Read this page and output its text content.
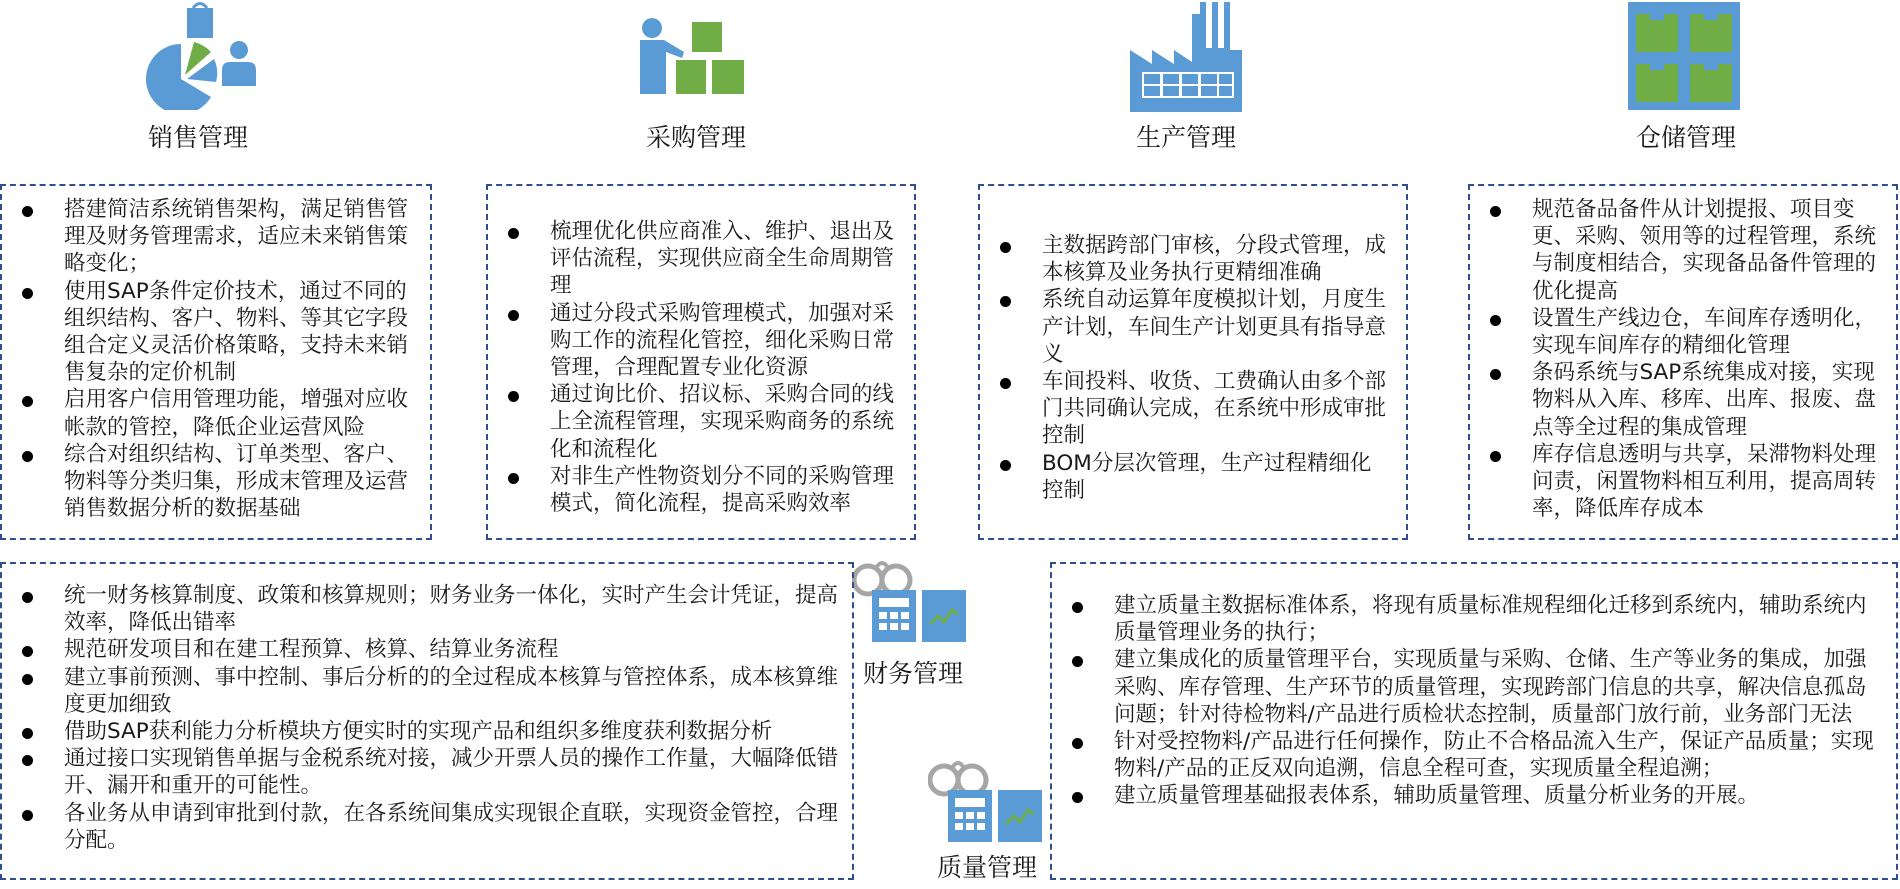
销售管理	采购管理	生产管理	仓储管理
财务管理
质量管理
搭建简洁系统销售架构，满足销售管理及财务管理需求，适应未来销售策略变化；
使用SAP条件定价技术，通过不同的组织结构、客户、物料、等其它字段组合定义灵活价格策略，支持未来销售复杂的定价机制
启用客户信用管理功能，增强对应收帐款的管控，降低企业运营风险
综合对组织结构、订单类型、客户、物料等分类归集，形成末管理及运营销售数据分析的数据基础
梳理优化供应商准入、维护、退出及评估流程，实现供应商全生命周期管理
通过分段式采购管理模式，加强对采购工作的流程化管控，细化采购日常管理，合理配置专业化资源
通过询比价、招议标、采购合同的线上全流程管理，实现采购商务的系统化和流程化
对非生产性物资划分不同的采购管理模式，简化流程，提高采购效率
主数据跨部门审核，分段式管理，成本核算及业务执行更精细准确
系统自动运算年度模拟计划，月度生产计划，车间生产计划更具有指导意义
车间投料、收货、工费确认由多个部门共同确认完成，在系统中形成审批控制
BOM分层次管理，生产过程精细化控制
规范备品备件从计划提报、项目变更、采购、领用等的过程管理，系统与制度相结合，实现备品备件管理的优化提高
设置生产线边仓，车间库存透明化，实现车间库存的精细化管理
条码系统与SAP系统集成对接，实现物料从入库、移库、出库、报废、盘点等全过程的集成管理
库存信息透明与共享，呆滞物料处理问责，闲置物料相互利用，提高周转率，降低库存成本
统一财务核算制度、政策和核算规则；财务业务一体化，实时产生会计凭证，提高效率，降低出错率
规范研发项目和在建工程预算、核算、结算业务流程
建立事前预测、事中控制、事后分析的的全过程成本核算与管控体系，成本核算维度更加细致
借助SAP获利能力分析模块方便实时的实现产品和组织多维度获利数据分析
通过接口实现销售单据与金税系统对接，减少开票人员的操作工作量，大幅降低错开、漏开和重开的可能性。
各业务从申请到审批到付款，在各系统间集成实现银企直联，实现资金管控，合理分配。
建立质量主数据标准体系，将现有质量标准规程细化迁移到系统内，辅助系统内质量管理业务的执行；
建立集成化的质量管理平台，实现质量与采购、仓储、生产等业务的集成，加强采购、库存管理、生产环节的质量管理，实现跨部门信息的共享，解决信息孤岛问题；针对待检物料/产品进行质检状态控制，质量部门放行前，业务部门无法
针对受控物料/产品进行任何操作，防止不合格品流入生产，保证产品质量；实现物料/产品的正反双向追溯，信息全程可查，实现质量全程追溯；
建立质量管理基础报表体系，辅助质量管理、质量分析业务的开展。
